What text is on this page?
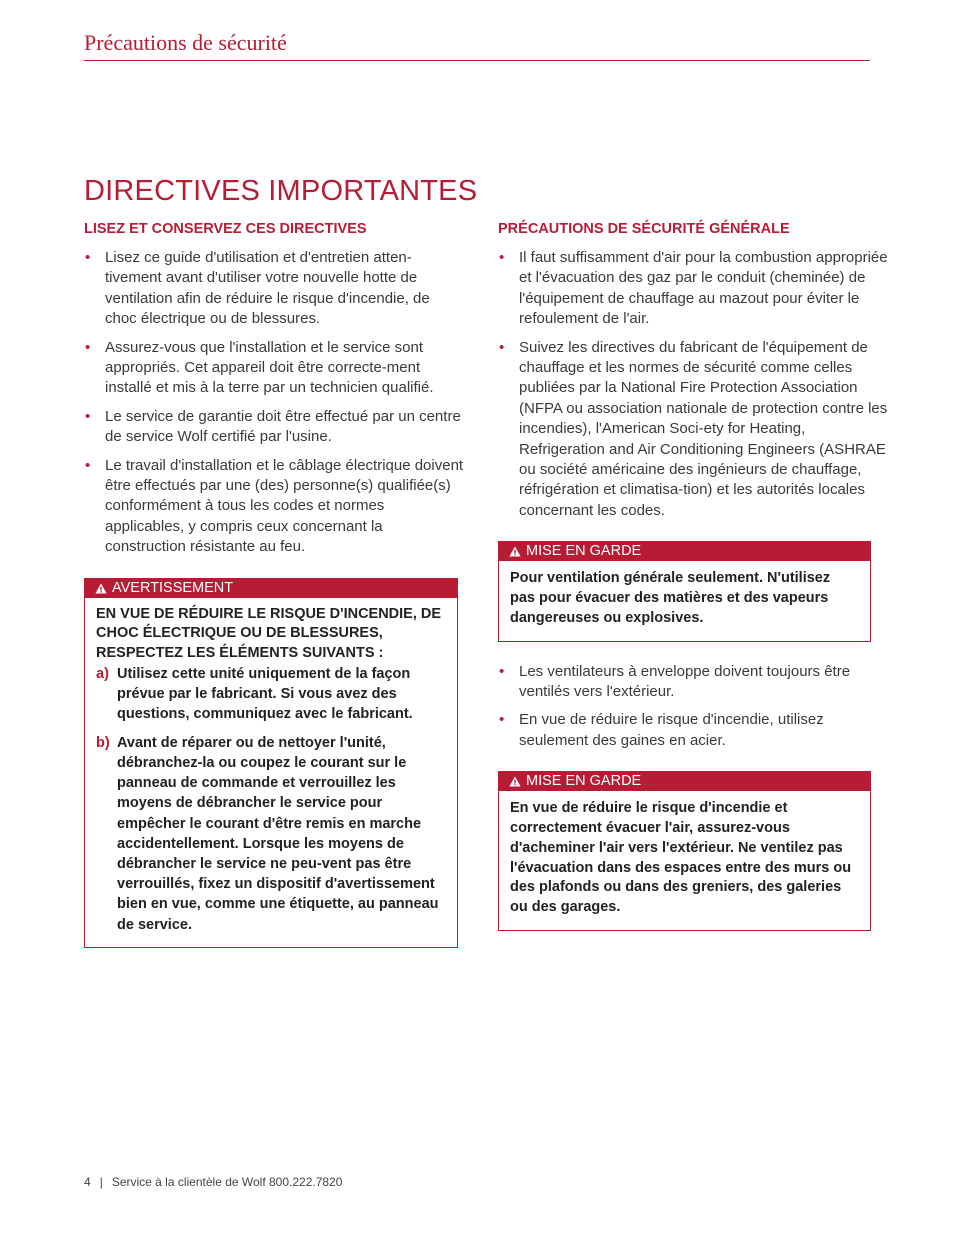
Précautions de sécurité
DIRECTIVES IMPORTANTES
LISEZ ET CONSERVEZ CES DIRECTIVES
• Lisez ce guide d'utilisation et d'entretien atten-tivement avant d'utiliser votre nouvelle hotte de ventilation afin de réduire le risque d'incendie, de choc électrique ou de blessures.
• Assurez-vous que l'installation et le service sont appropriés. Cet appareil doit être correcte-ment installé et mis à la terre par un technicien qualifié.
• Le service de garantie doit être effectué par un centre de service Wolf certifié par l'usine.
• Le travail d'installation et le câblage électrique doivent être effectués par une (des) personne(s) qualifiée(s) conformément à tous les codes et normes applicables, y compris ceux concernant la construction résistante au feu.
AVERTISSEMENT

EN VUE DE RÉDUIRE LE RISQUE D'INCENDIE, DE CHOC ÉLECTRIQUE OU DE BLESSURES, RESPECTEZ LES ÉLÉMENTS SUIVANTS :

a) Utilisez cette unité uniquement de la façon prévue par le fabricant. Si vous avez des questions, communiquez avec le fabricant.
b) Avant de réparer ou de nettoyer l'unité, débranchez-la ou coupez le courant sur le panneau de commande et verrouillez les moyens de débrancher le service pour empêcher le courant d'être remis en marche accidentellement. Lorsque les moyens de débrancher le service ne peu-vent pas être verrouillés, fixez un dispositif d'avertissement bien en vue, comme une étiquette, au panneau de service.
PRÉCAUTIONS DE SÉCURITÉ GÉNÉRALE
• Il faut suffisamment d'air pour la combustion appropriée et l'évacuation des gaz par le conduit (cheminée) de l'équipement de chauffage au mazout pour éviter le refoulement de l'air.
• Suivez les directives du fabricant de l'équipement de chauffage et les normes de sécurité comme celles publiées par la National Fire Protection Association (NFPA ou association nationale de protection contre les incendies), l'American Soci-ety for Heating, Refrigeration and Air Conditioning Engineers (ASHRAE ou société américaine des ingénieurs de chauffage, réfrigération et climatisa-tion) et les autorités locales concernant les codes.
MISE EN GARDE

Pour ventilation générale seulement. N'utilisez pas pour évacuer des matières et des vapeurs dangereuses ou explosives.

• Les ventilateurs à enveloppe doivent toujours être ventilés vers l'extérieur.
• En vue de réduire le risque d'incendie, utilisez seulement des gaines en acier.
MISE EN GARDE

En vue de réduire le risque d'incendie et correctement évacuer l'air, assurez-vous d'acheminer l'air vers l'extérieur. Ne ventilez pas l'évacuation dans des espaces entre des murs ou des plafonds ou dans des greniers, des galeries ou des garages.

4 | Service à la clientèle de Wolf 800.222.7820
